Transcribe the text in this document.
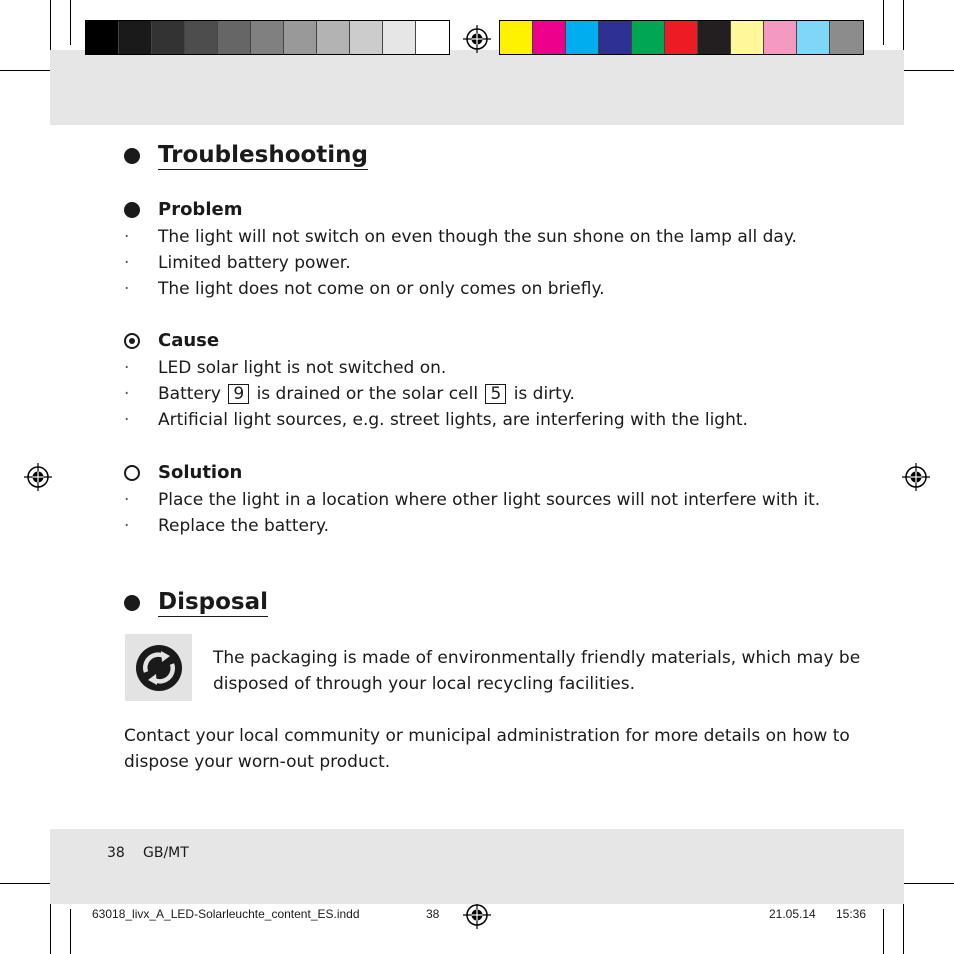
Troubleshooting
Problem
· The light will not switch on even though the sun shone on the lamp all day.
· Limited battery power.
· The light does not come on or only comes on briefly.
Cause
· LED solar light is not switched on.
· Battery 9 is drained or the solar cell 5 is dirty.
· Artificial light sources, e.g. street lights, are interfering with the light.
Solution
· Place the light in a location where other light sources will not interfere with it.
· Replace the battery.
Disposal
The packaging is made of environmentally friendly materials, which may be
disposed of through your local recycling facilities.
Contact your local community or municipal administration for more details on how to
dispose your worn-out product.
38 GB/MT
63018_livx_A_LED-Solarleuchte_content_ES.indd	38	21.05.14 15:36
